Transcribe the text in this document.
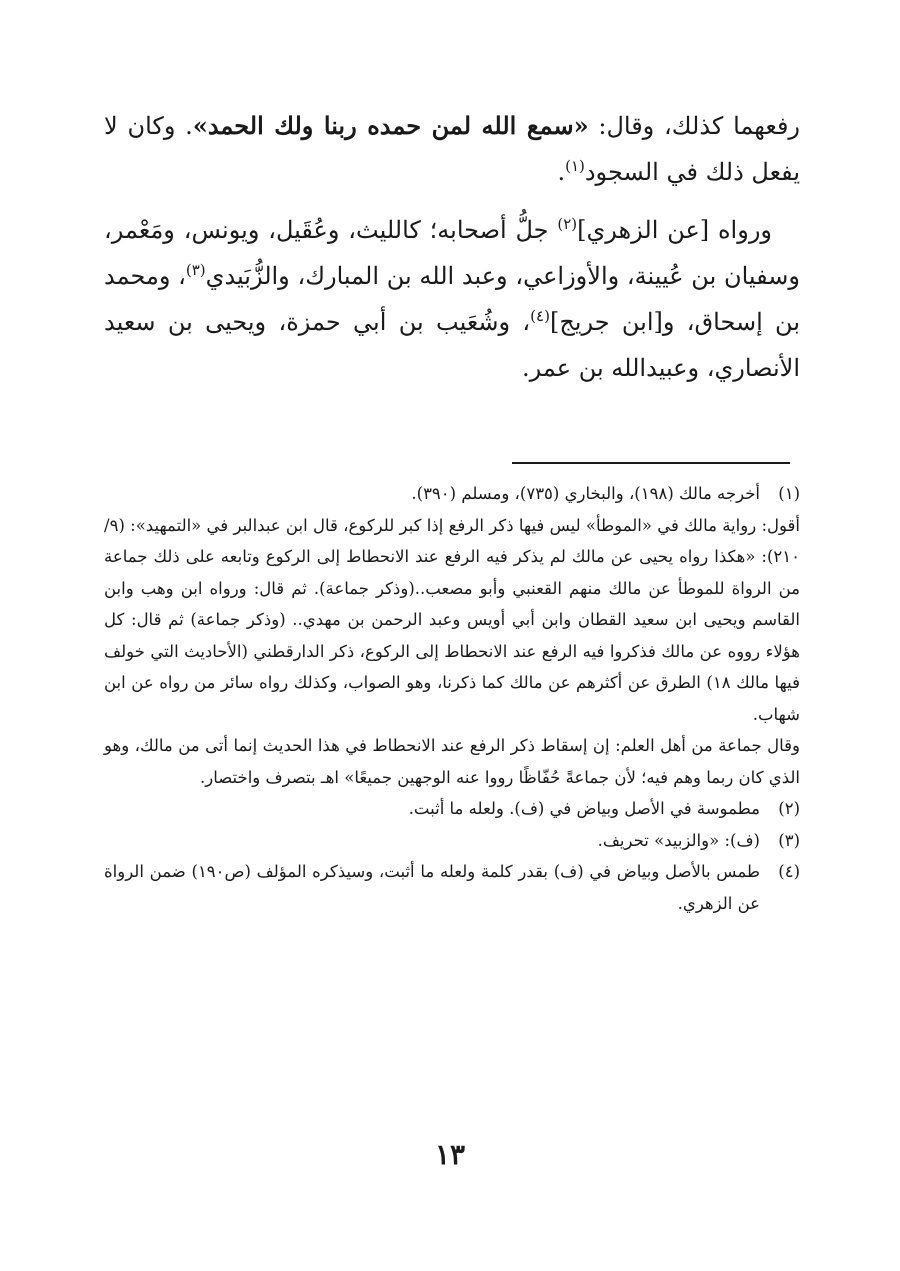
رفعهما كذلك، وقال: «سمع الله لمن حمده ربنا ولك الحمد». وكان لا يفعل ذلك في السجود$^{(١)}$.

ورواه [عن الزهري]$^{(٢)}$ جلُّ أصحابه؛ كالليث، وعُقَيل، ويونس، ومَعْمر، وسفيان بن عُيينة، والأوزاعي، وعبد الله بن المبارك، والزُّبَيدي$^{(٣)}$، ومحمد بن إسحاق، و[ابن جريج]$^{(٤)}$، وشُعَيب بن أبي حمزة، ويحيى بن سعيد الأنصاري، وعبيدالله بن عمر.

(١)
أخرجه مالك (١٩٨)، والبخاري (٧٣٥)، ومسلم (٣٩٠).

أقول: رواية مالك في «الموطأ» ليس فيها ذكر الرفع إذا كبر للركوع، قال ابن عبدالبر في «التمهيد»: (٩/ ٢١٠): «هكذا رواه يحيى عن مالك لم يذكر فيه الرفع عند الانحطاط إلى الركوع وتابعه على ذلك جماعة من الرواة للموطأ عن مالك منهم القعنبي وأبو مصعب..(وذكر جماعة). ثم قال: ورواه ابن وهب وابن القاسم ويحيى ابن سعيد القطان وابن أبي أويس وعبد الرحمن بن مهدي.. (وذكر جماعة) ثم قال: كل هؤلاء رووه عن مالك فذكروا فيه الرفع عند الانحطاط إلى الركوع، ذكر الدارقطني (الأحاديث التي خولف فيها مالك ١٨) الطرق عن أكثرهم عن مالك كما ذكرنا، وهو الصواب، وكذلك رواه سائر من رواه عن ابن شهاب.

وقال جماعة من أهل العلم: إن إسقاط ذكر الرفع عند الانحطاط في هذا الحديث إنما أتى من مالك، وهو الذي كان ربما وهم فيه؛ لأن جماعةً حُفّاظًا رووا عنه الوجهين جميعًا» اهـ بتصرف واختصار.

(٢)
مطموسة في الأصل وبياض في (ف). ولعله ما أثبت.
(٣)
(ف): «والزبيد» تحريف.
(٤)
طمس بالأصل وبياض في (ف) بقدر كلمة ولعله ما أثبت، وسيذكره المؤلف (ص١٩٠) ضمن الرواة عن الزهري.
١٣
